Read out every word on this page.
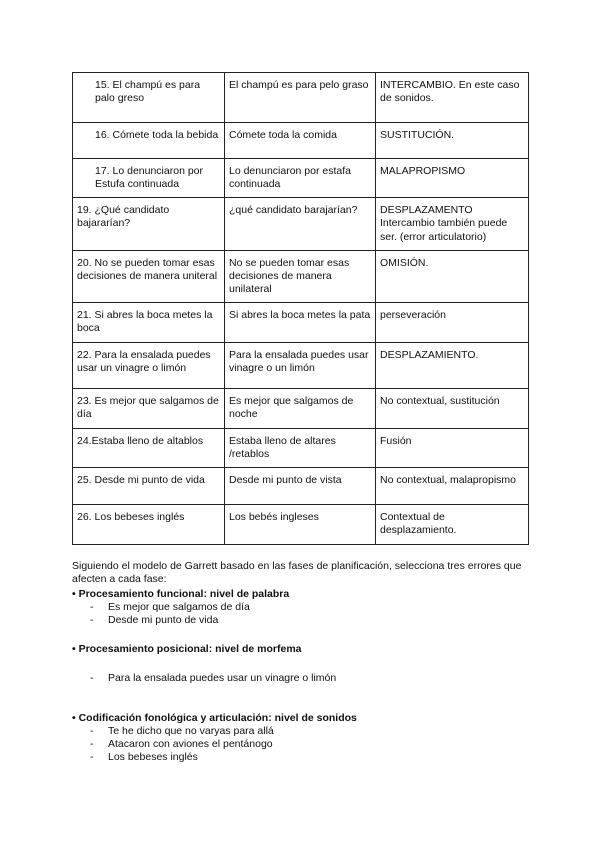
15. El champú es para palo greso	El champú es para pelo graso	INTERCAMBIO. En este caso de sonidos.
16. Cómete toda la bebida	Cómete toda la comida	SUSTITUCIÓN.
17. Lo denunciaron por Estufa continuada	Lo denunciaron por estafa continuada	MALAPROPISMO
19. ¿Qué candidato bajararían?	¿qué candidato barajarían?	DESPLAZAMENTO Intercambio también puede ser. (error articulatorio)
20. No se pueden tomar esas decisiones de manera uniteral	No se pueden tomar esas decisiones de manera unilateral	OMISIÓN.
21. Si abres la boca metes la boca	Si abres la boca metes la pata	perseveración
22. Para la ensalada puedes usar un vinagre o limón	Para la ensalada puedes usar vinagre o un limón	DESPLAZAMIENTO.
23. Es mejor que salgamos de día	Es mejor que salgamos de noche	No contextual, sustitución
24.Estaba lleno de altablos	Estaba lleno de altares /retablos	Fusión
25. Desde mi punto de vida	Desde mi punto de vista	No contextual, malapropismo
26. Los bebeses inglés	Los bebés ingleses	Contextual de desplazamiento.
Siguiendo el modelo de Garrett basado en las fases de planificación, selecciona tres errores que afecten a cada fase:
• Procesamiento funcional: nivel de palabra
- Es mejor que salgamos de día
- Desde mi punto de vida
• Procesamiento posicional: nivel de morfema
- Para la ensalada puedes usar un vinagre o limón
• Codificación fonológica y articulación: nivel de sonidos
- Te he dicho que no varyas para allá
- Atacaron con aviones el pentánogo
- Los bebeses inglés
